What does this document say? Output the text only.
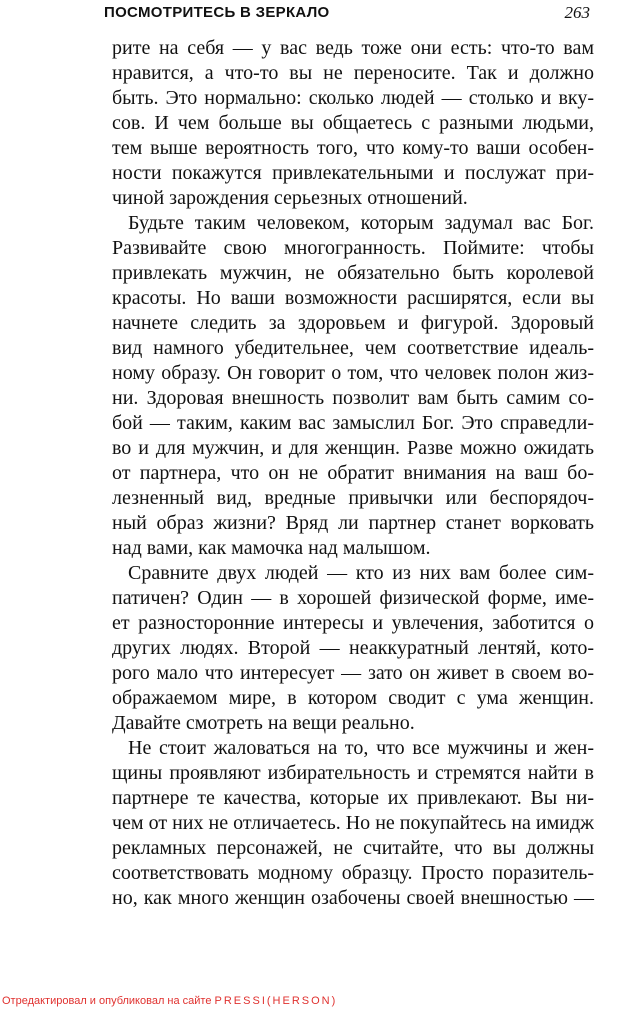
ПОСМОТРИТЕСЬ В ЗЕРКАЛО	263
рите на себя — у вас ведь тоже они есть: что-то вам
нравится, а что-то вы не переносите. Так и должно
быть. Это нормально: сколько людей — столько и вку-
сов. И чем больше вы общаетесь с разными людьми,
тем выше вероятность того, что кому-то ваши особен-
ности покажутся привлекательными и послужат при-
чиной зарождения серьезных отношений.
Будьте таким человеком, которым задумал вас Бог.
Развивайте свою многогранность. Поймите: чтобы
привлекать мужчин, не обязательно быть королевой
красоты. Но ваши возможности расширятся, если вы
начнете следить за здоровьем и фигурой. Здоровый
вид намного убедительнее, чем соответствие идеаль-
ному образу. Он говорит о том, что человек полон жиз-
ни. Здоровая внешность позволит вам быть самим со-
бой — таким, каким вас замыслил Бог. Это справедли-
во и для мужчин, и для женщин. Разве можно ожидать
от партнера, что он не обратит внимания на ваш бо-
лезненный вид, вредные привычки или беспорядоч-
ный образ жизни? Вряд ли партнер станет ворковать
над вами, как мамочка над малышом.
Сравните двух людей — кто из них вам более сим-
патичен? Один — в хорошей физической форме, име-
ет разносторонние интересы и увлечения, заботится о
других людях. Второй — неаккуратный лентяй, кото-
рого мало что интересует — зато он живет в своем во-
ображаемом мире, в котором сводит с ума женщин.
Давайте смотреть на вещи реально.
Не стоит жаловаться на то, что все мужчины и жен-
щины проявляют избирательность и стремятся найти в
партнере те качества, которые их привлекают. Вы ни-
чем от них не отличаетесь. Но не покупайтесь на имидж
рекламных персонажей, не считайте, что вы должны
соответствовать модному образцу. Просто поразитель-
но, как много женщин озабочены своей внешностью —
Отредактировал и опубликовал на сайте PRESSI(HERSON)
